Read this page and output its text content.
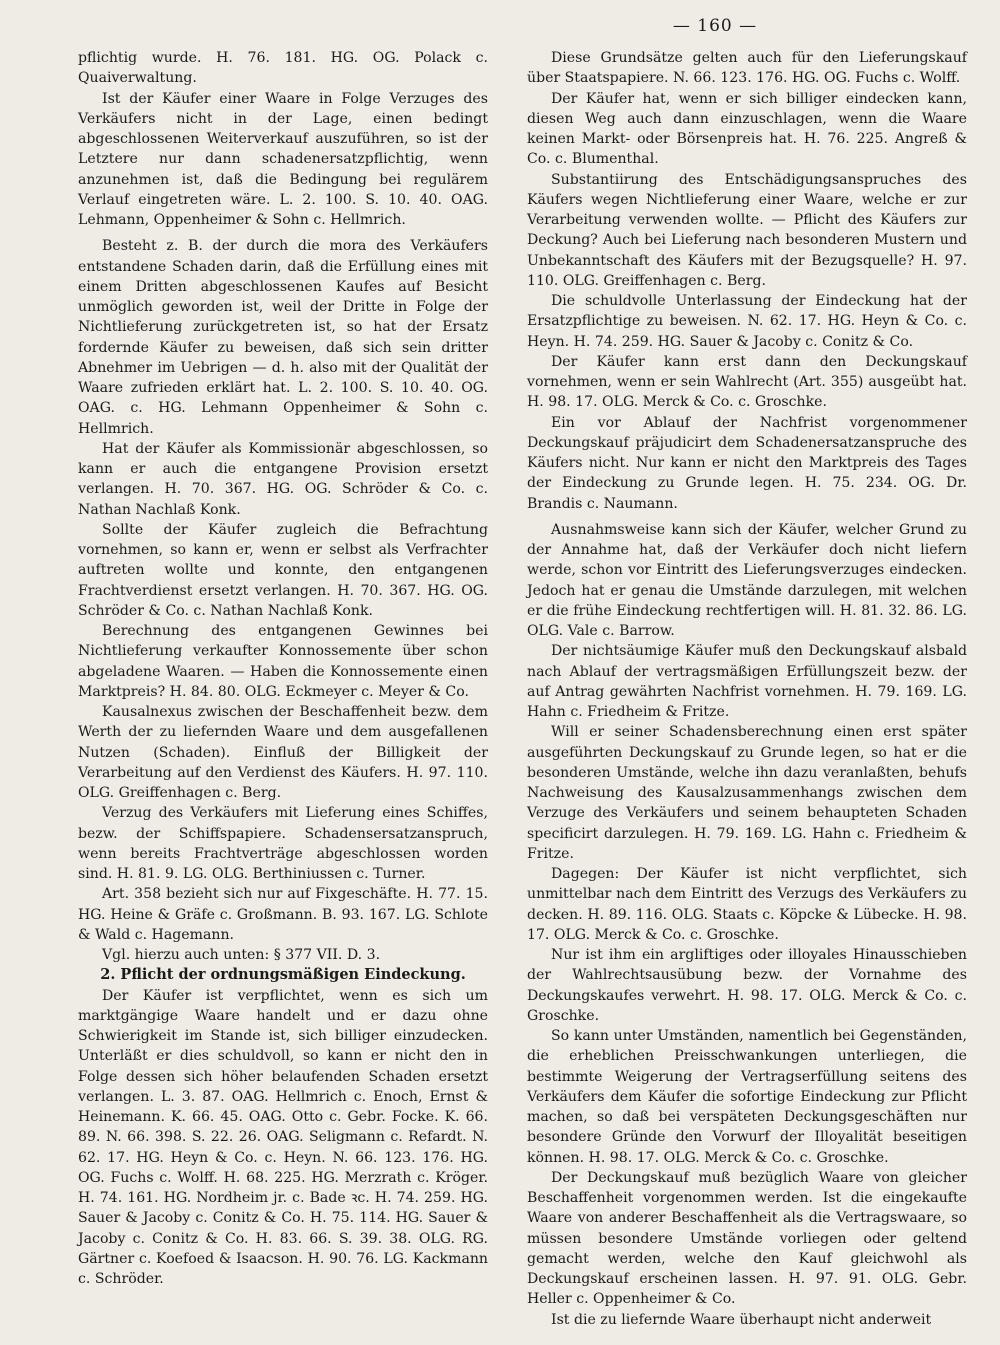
— 160 —

pflichtig wurde. H. 76. 181. HG. OG. Polack c. Quaiverwaltung.

Ist der Käufer einer Waare in Folge Verzuges des Verkäufers nicht in der Lage, einen bedingt abgeschlossenen Weiterverkauf auszuführen, so ist der Letztere nur dann schadenersatzpflichtig, wenn anzunehmen ist, daß die Bedingung bei regulärem Verlauf eingetreten wäre. L. 2. 100. S. 10. 40. OAG. Lehmann, Oppenheimer & Sohn c. Hellmrich.

Besteht z. B. der durch die mora des Verkäufers entstandene Schaden darin, daß die Erfüllung eines mit einem Dritten abgeschlossenen Kaufes auf Besicht unmöglich geworden ist, weil der Dritte in Folge der Nichtlieferung zurückgetreten ist, so hat der Ersatz fordernde Käufer zu beweisen, daß sich sein dritter Abnehmer im Uebrigen — d. h. also mit der Qualität der Waare zufrieden erklärt hat. L. 2. 100. S. 10. 40. OG. OAG. c. HG. Lehmann Oppenheimer & Sohn c. Hellmrich.

Hat der Käufer als Kommissionär abgeschlossen, so kann er auch die entgangene Provision ersetzt verlangen. H. 70. 367. HG. OG. Schröder & Co. c. Nathan Nachlaß Konk.

Sollte der Käufer zugleich die Befrachtung vornehmen, so kann er, wenn er selbst als Verfrachter auftreten wollte und konnte, den entgangenen Frachtverdienst ersetzt verlangen. H. 70. 367. HG. OG. Schröder & Co. c. Nathan Nachlaß Konk.

Berechnung des entgangenen Gewinnes bei Nichtlieferung verkaufter Konnossemente über schon abgeladene Waaren. — Haben die Konnossemente einen Marktpreis? H. 84. 80. OLG. Eckmeyer c. Meyer & Co.

Kausalnexus zwischen der Beschaffenheit bezw. dem Werth der zu liefernden Waare und dem ausgefallenen Nutzen (Schaden). Einfluß der Billigkeit der Verarbeitung auf den Verdienst des Käufers. H. 97. 110. OLG. Greiffenhagen c. Berg.

Verzug des Verkäufers mit Lieferung eines Schiffes, bezw. der Schiffspapiere. Schadensersatzanspruch, wenn bereits Frachtverträge abgeschlossen worden sind. H. 81. 9. LG. OLG. Berthiniussen c. Turner.

Art. 358 bezieht sich nur auf Fixgeschäfte. H. 77. 15. HG. Heine & Gräfe c. Großmann. B. 93. 167. LG. Schlote & Wald c. Hagemann.

Vgl. hierzu auch unten: § 377 VII. D. 3.

2. Pflicht der ordnungsmäßigen Eindeckung.

Der Käufer ist verpflichtet, wenn es sich um marktgängige Waare handelt und er dazu ohne Schwierigkeit im Stande ist, sich billiger einzudecken. Unterläßt er dies schuldvoll, so kann er nicht den in Folge dessen sich höher belaufenden Schaden ersetzt verlangen. L. 3. 87. OAG. Hellmrich c. Enoch, Ernst & Heinemann. K. 66. 45. OAG. Otto c. Gebr. Focke. K. 66. 89. N. 66. 398. S. 22. 26. OAG. Seligmann c. Refardt. N. 62. 17. HG. Heyn & Co. c. Heyn. N. 66. 123. 176. HG. OG. Fuchs c. Wolff. H. 68. 225. HG. Merzrath c. Kröger. H. 74. 161. HG. Nordheim jr. c. Bade ꝛc. H. 74. 259. HG. Sauer & Jacoby c. Conitz & Co. H. 75. 114. HG. Sauer & Jacoby c. Conitz & Co. H. 83. 66. S. 39. 38. OLG. RG. Gärtner c. Koefoed & Isaacson. H. 90. 76. LG. Kackmann c. Schröder.

Diese Grundsätze gelten auch für den Lieferungskauf über Staatspapiere. N. 66. 123. 176. HG. OG. Fuchs c. Wolff.

Der Käufer hat, wenn er sich billiger eindecken kann, diesen Weg auch dann einzuschlagen, wenn die Waare keinen Markt- oder Börsenpreis hat. H. 76. 225. Angreß & Co. c. Blumenthal.

Substantiirung des Entschädigungsanspruches des Käufers wegen Nichtlieferung einer Waare, welche er zur Verarbeitung verwenden wollte. — Pflicht des Käufers zur Deckung? Auch bei Lieferung nach besonderen Mustern und Unbekanntschaft des Käufers mit der Bezugsquelle? H. 97. 110. OLG. Greiffenhagen c. Berg.

Die schuldvolle Unterlassung der Eindeckung hat der Ersatzpflichtige zu beweisen. N. 62. 17. HG. Heyn & Co. c. Heyn. H. 74. 259. HG. Sauer & Jacoby c. Conitz & Co.

Der Käufer kann erst dann den Deckungskauf vornehmen, wenn er sein Wahlrecht (Art. 355) ausgeübt hat. H. 98. 17. OLG. Merck & Co. c. Groschke.

Ein vor Ablauf der Nachfrist vorgenommener Deckungskauf präjudicirt dem Schadenersatzanspruche des Käufers nicht. Nur kann er nicht den Marktpreis des Tages der Eindeckung zu Grunde legen. H. 75. 234. OG. Dr. Brandis c. Naumann.

Ausnahmsweise kann sich der Käufer, welcher Grund zu der Annahme hat, daß der Verkäufer doch nicht liefern werde, schon vor Eintritt des Lieferungsverzuges eindecken. Jedoch hat er genau die Umstände darzulegen, mit welchen er die frühe Eindeckung rechtfertigen will. H. 81. 32. 86. LG. OLG. Vale c. Barrow.

Der nichtsäumige Käufer muß den Deckungskauf alsbald nach Ablauf der vertragsmäßigen Erfüllungszeit bezw. der auf Antrag gewährten Nachfrist vornehmen. H. 79. 169. LG. Hahn c. Friedheim & Fritze.

Will er seiner Schadensberechnung einen erst später ausgeführten Deckungskauf zu Grunde legen, so hat er die besonderen Umstände, welche ihn dazu veranlaßten, behufs Nachweisung des Kausalzusammenhangs zwischen dem Verzuge des Verkäufers und seinem behaupteten Schaden specificirt darzulegen. H. 79. 169. LG. Hahn c. Friedheim & Fritze.

Dagegen: Der Käufer ist nicht verpflichtet, sich unmittelbar nach dem Eintritt des Verzugs des Verkäufers zu decken. H. 89. 116. OLG. Staats c. Köpcke & Lübecke. H. 98. 17. OLG. Merck & Co. c. Groschke.

Nur ist ihm ein argliftiges oder illoyales Hinausschieben der Wahlrechtsausübung bezw. der Vornahme des Deckungskaufes verwehrt. H. 98. 17. OLG. Merck & Co. c. Groschke.

So kann unter Umständen, namentlich bei Gegenständen, die erheblichen Preisschwankungen unterliegen, die bestimmte Weigerung der Vertragserfüllung seitens des Verkäufers dem Käufer die sofortige Eindeckung zur Pflicht machen, so daß bei verspäteten Deckungsgeschäften nur besondere Gründe den Vorwurf der Illoyalität beseitigen können. H. 98. 17. OLG. Merck & Co. c. Groschke.

Der Deckungskauf muß bezüglich Waare von gleicher Beschaffenheit vorgenommen werden. Ist die eingekaufte Waare von anderer Beschaffenheit als die Vertragswaare, so müssen besondere Umstände vorliegen oder geltend gemacht werden, welche den Kauf gleichwohl als Deckungskauf erscheinen lassen. H. 97. 91. OLG. Gebr. Heller c. Oppenheimer & Co.

Ist die zu liefernde Waare überhaupt nicht anderweit
